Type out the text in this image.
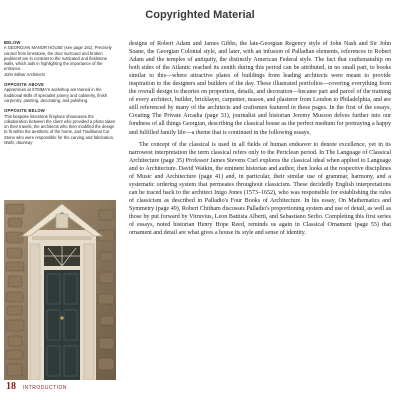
Copyrighted Material
BELOW
A GEORGIAN MANOR HOUSE (see page 181). Precisely carved from limestone, the door surround and broken pediment are in contrast to the rusticated and fieldstone walls, which aids in highlighting the importance of the entrance.
John Milner Architects
OPPOSITE ABOVE
Apprentices at STMMA's workshop are trained in the traditional skills of specialist joinery and cabinetry, finish carpentry, painting, decorating, and polishing.
OPPOSITE BELOW
This bespoke limestone fireplace showcases the collaboration between the client who provided a photo taken on their travels, the architects who then modified the design to fit within the aesthetic of the home, and Traditional Cut Stone who were responsible for the carving and fabrication.
Walls, doorway

designs of Robert Adam and James Gibbs, the late-Georgian Regency style of John Nash and Sir John Soane, the Georgian Colonial style, and later, with an infusion of Palladian elements, references to Robert Adam and the temples of antiquity, the distinctly American Federal style. The fact that craftsmanship on both sides of the Atlantic reached its zenith during this period can be attributed, in no small part, to books similar to this—where attractive plates of buildings from leading architects were meant to provide inspiration to the designers and builders of the day. These illustrated portfolios—covering everything from the overall design to theories on proportion, details, and decoration—became part and parcel of the training of every architect, builder, bricklayer, carpenter, mason, and plasterer from London to Philadelphia, and are still referenced by many of the architects and craftsmen featured in these pages. In the first of the essays, Creating The Private Arcadia (page 31), journalist and historian Jeremy Musson delves further into our fondness of all things Georgian, describing the classical house as the perfect medium for portraying a happy and fulfilled family life—a theme that is continued in the following essays.

The concept of the classical is used in all fields of human endeavor to denote excellence, yet in its narrowest interpretation the term classical refers only to the Periclean period. In The Language of Classical Architecture (page 35) Professor James Stevens Curl explores the classical ideal when applied to Language and to Architecture. David Watkin, the eminent historian and author, then looks at the respective disciplines of Music and Architecture (page 41) and, in particular, their similar use of grammar, harmony, and a systematic ordering system that permeates throughout classicism. These decidedly English interpretations can be traced back to the architect Inigo Jones (1573–1652), who was responsible for establishing the rules of classicism as described in Palladio's Four Books of Architecture. In his essay, On Mathematics and Symmetry (page 49), Robert Chitham discusses Palladio's proportioning system and use of detail, as well as those by put forward by Vitruvius, Leon Battista Alberti, and Sebastiano Serlio. Completing this first series of essays, noted historian Henry Hope Reed, reminds us again in Classical Ornament (page 55) that ornament and detail are what gives a house its style and sense of identity.

18 INTRODUCTION
